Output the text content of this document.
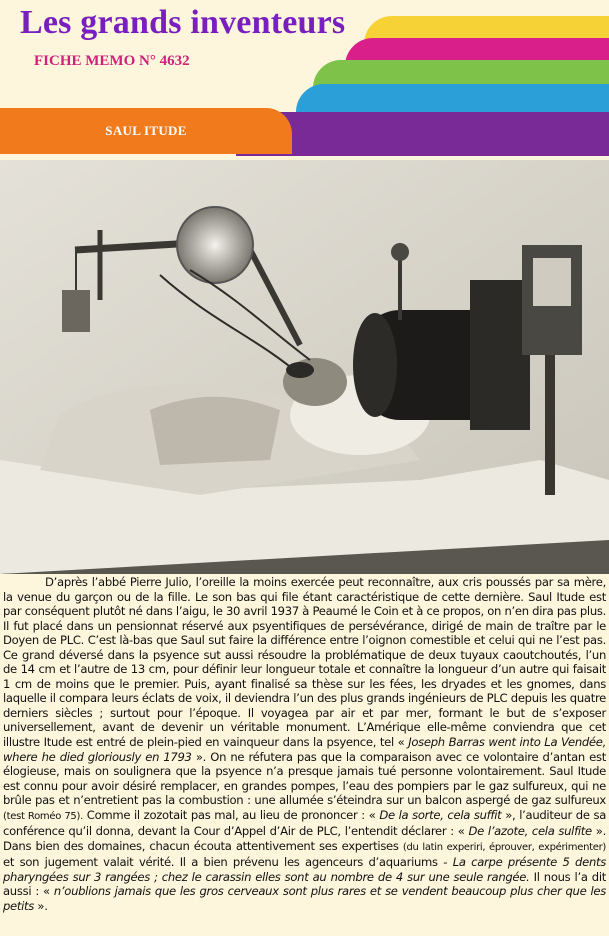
Les grands inventeurs
FICHE MEMO N° 4632
SAUL ITUDE

D’après l’abbé Pierre Julio, l’oreille la moins exercée peut reconnaître, aux cris poussés par sa mère, la venue du garçon ou de la fille. Le son bas qui file étant caractéristique de cette dernière. Saul Itude est par conséquent plutôt né dans l’aigu, le 30 avril 1937 à Peaumé le Coin et à ce propos, on n’en dira pas plus. Il fut placé dans un pensionnat réservé aux psyentifiques de persévérance, dirigé de main de traître par le Doyen de PLC. C’est là-bas que Saul sut faire la différence entre l’oignon comestible et celui qui ne l’est pas. Ce grand déversé dans la psyence sut aussi résoudre la problématique de deux tuyaux caoutchoutés, l’un de 14 cm et l’autre de 13 cm, pour définir leur longueur totale et connaître la longueur d’un autre qui faisait 1 cm de moins que le premier. Puis, ayant finalisé sa thèse sur les fées, les dryades et les gnomes, dans laquelle il compara leurs éclats de voix, il deviendra l’un des plus grands ingénieurs de PLC depuis les quatre derniers siècles ; surtout pour l’époque. Il voyagea par air et par mer, formant le but de s’exposer universellement, avant de devenir un véritable monument. L’Amérique elle-même conviendra que cet illustre Itude est entré de plein-pied en vainqueur dans la psyence, tel « Joseph Barras went into La Vendée, where he died gloriously en 1793 ». On ne réfutera pas que la comparaison avec ce volontaire d’antan est élogieuse, mais on soulignera que la psyence n’a presque jamais tué personne volontairement. Saul Itude est connu pour avoir désiré remplacer, en grandes pompes, l’eau des pompiers par le gaz sulfureux, qui ne brûle pas et n’entretient pas la combustion : une allumée s’éteindra sur un balcon aspergé de gaz sulfureux (test Roméo 75). Comme il zozotait pas mal, au lieu de prononcer : « De la sorte, cela suffit », l’auditeur de sa conférence qu’il donna, devant la Cour d’Appel d’Air de PLC, l’entendit déclarer : « De l’azote, cela sulfite ». Dans bien des domaines, chacun écouta attentivement ses expertises (du latin experiri, éprouver, expérimenter) et son jugement valait vérité. Il a bien prévenu les agenceurs d’aquariums - La carpe présente 5 dents pharyngées sur 3 rangées ; chez le carassin elles sont au nombre de 4 sur une seule rangée. Il nous l’a dit aussi : « n’oublions jamais que les gros cerveaux sont plus rares et se vendent beaucoup plus cher que les petits ».
